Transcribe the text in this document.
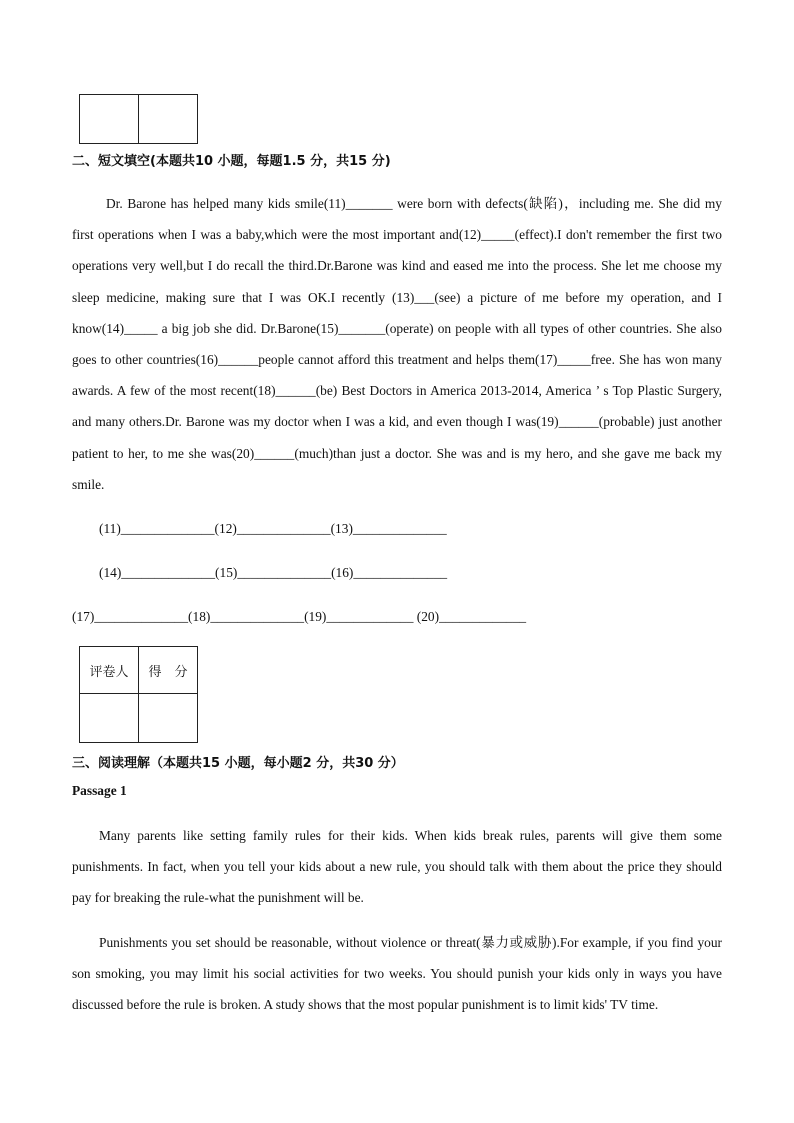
二、短文填空(本题共10 小题，每题1.5 分，共15 分)

Dr. Barone has helped many kids smile(11)_______ were born with defects(缺陷)，including me. She did my first operations when I was a baby,which were the most important and(12)_____(effect).I don't remember the first two operations very well,but I do recall the third.Dr.Barone was kind and eased me into the process. She let me choose my sleep medicine, making sure that I was OK.I recently (13)___(see) a picture of me before my operation, and I know(14)_____ a big job she did. Dr.Barone(15)_______(operate) on people with all types of other countries. She also goes to other countries(16)______people cannot afford this treatment and helps them(17)_____free. She has won many awards. A few of the most recent(18)______(be) Best Doctors in America 2013-2014, America ’ s Top Plastic Surgery, and many others.Dr. Barone was my doctor when I was a kid, and even though I was(19)______(probable) just another patient to her, to me she was(20)______(much)than just a doctor. She was and is my hero, and she gave me back my smile.

(11)______________(12)______________(13)______________
(14)______________(15)______________(16)______________
(17)______________(18)______________(19)_____________ (20)_____________
评卷人	得　分

三、阅读理解（本题共15 小题，每小题2 分，共30 分）
Passage 1

Many parents like setting family rules for their kids. When kids break rules, parents will give them some punishments. In fact, when you tell your kids about a new rule, you should talk with them about the price they should pay for breaking the rule-what the punishment will be.

Punishments you set should be reasonable, without violence or threat(暴力或威胁).For example, if you find your son smoking, you may limit his social activities for two weeks. You should punish your kids only in ways you have discussed before the rule is broken. A study shows that the most popular punishment is to limit kids' TV time.
